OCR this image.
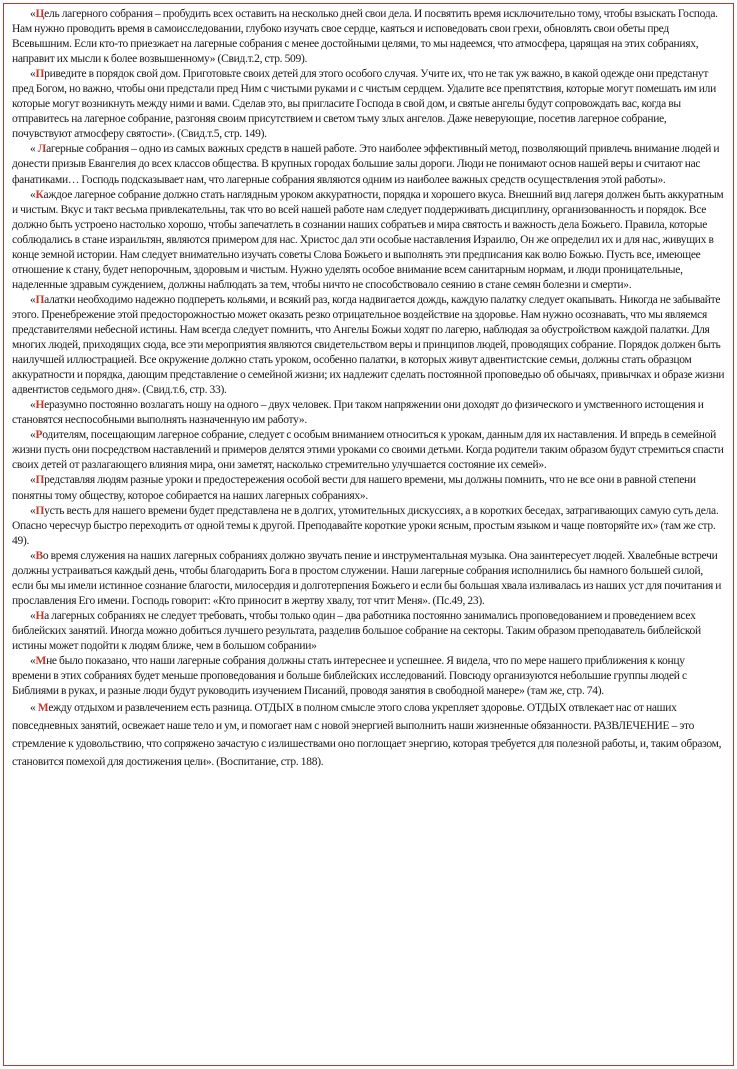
«Цель лагерного собрания – пробудить всех оставить на несколько дней свои дела. И посвятить время исключительно тому, чтобы взыскать Господа. Нам нужно проводить время в самоисследовании, глубоко изучать свое сердце, каяться и исповедовать свои грехи, обновлять свои обеты пред Всевышним. Если кто-то приезжает на лагерные собрания с менее достойными целями, то мы надеемся, что атмосфера, царящая на этих собраниях, направит их мысли к более возвышенному» (Свид.т.2, стр. 509).

«Приведите в порядок свой дом. Приготовьте своих детей для этого особого случая. Учите их, что не так уж важно, в какой одежде они предстанут пред Богом, но важно, чтобы они предстали пред Ним с чистыми руками и с чистым сердцем. Удалите все препятствия, которые могут помешать им или которые могут возникнуть между ними и вами. Сделав это, вы пригласите Господа в свой дом, и святые ангелы будут сопровождать вас, когда вы отправитесь на лагерное собрание, разгоняя своим присутствием и светом тьму злых ангелов. Даже неверующие, посетив лагерное собрание, почувствуют атмосферу святости». (Свид.т.5, стр. 149).

« Лагерные собрания – одно из самых важных средств в нашей работе. Это наиболее эффективный метод, позволяющий привлечь внимание людей и донести призыв Евангелия до всех классов общества. В крупных городах большие залы дороги. Люди не понимают основ нашей веры и считают нас фанатиками… Господь подсказывает нам, что лагерные собрания являются одним из наиболее важных средств осуществления этой работы».

«Каждое лагерное собрание должно стать наглядным уроком аккуратности, порядка и хорошего вкуса. Внешний вид лагеря должен быть аккуратным и чистым. Вкус и такт весьма привлекательны, так что во всей нашей работе нам следует поддерживать дисциплину, организованность и порядок. Все должно быть устроено настолько хорошо, чтобы запечатлеть в сознании наших собратьев и мира святость и важность дела Божьего. Правила, которые соблюдались в стане израильтян, являются примером для нас. Христос дал эти особые наставления Израилю, Он же определил их и для нас, живущих в конце земной истории. Нам следует внимательно изучать советы Слова Божьего и выполнять эти предписания как волю Божью. Пусть все, имеющее отношение к стану, будет непорочным, здоровым и чистым. Нужно уделять особое внимание всем санитарным нормам, и люди проницательные, наделенные здравым суждением, должны наблюдать за тем, чтобы ничто не способствовало сеянию в стане семян болезни и смерти».

«Палатки необходимо надежно подпереть кольями, и всякий раз, когда надвигается дождь, каждую палатку следует окапывать. Никогда не забывайте этого. Пренебрежение этой предосторожностью может оказать резко отрицательное воздействие на здоровье. Нам нужно осознавать, что мы являемся представителями небесной истины. Нам всегда следует помнить, что Ангелы Божьи ходят по лагерю, наблюдая за обустройством каждой палатки. Для многих людей, приходящих сюда, все эти мероприятия являются свидетельством веры и принципов людей, проводящих собрание. Порядок должен быть наилучшей иллюстрацией. Все окружение должно стать уроком, особенно палатки, в которых живут адвентистские семьи, должны стать образцом аккуратности и порядка, дающим представление о семейной жизни; их надлежит сделать постоянной проповедью об обычаях, привычках и образе жизни адвентистов седьмого дня». (Свид.т.6, стр. 33).

«Неразумно постоянно возлагать ношу на одного – двух человек. При таком напряжении они доходят до физического и умственного истощения и становятся неспособными выполнять назначенную им работу».

«Родителям, посещающим лагерное собрание, следует с особым вниманием относиться к урокам, данным для их наставления. И впредь в семейной жизни пусть они посредством наставлений и примеров делятся этими уроками со своими детьми. Когда родители таким образом будут стремиться спасти своих детей от разлагающего влияния мира, они заметят, насколько стремительно улучшается состояние их семей».

«Представляя людям разные уроки и предостережения особой вести для нашего времени, мы должны помнить, что не все они в равной степени понятны тому обществу, которое собирается на наших лагерных собраниях».

«Пусть весть для нашего времени будет представлена не в долгих, утомительных дискуссиях, а в коротких беседах, затрагивающих самую суть дела. Опасно чересчур быстро переходить от одной темы к другой. Преподавайте короткие уроки ясным, простым языком и чаще повторяйте их» (там же стр. 49).

«Во время служения на наших лагерных собраниях должно звучать пение и инструментальная музыка. Она заинтересует людей. Хвалебные встречи должны устраиваться каждый день, чтобы благодарить Бога в простом служении. Наши лагерные собрания исполнились бы намного большей силой, если бы мы имели истинное сознание благости, милосердия и долготерпения Божьего и если бы большая хвала изливалась из наших уст для почитания и прославления Его имени. Господь говорит: «Кто приносит в жертву хвалу, тот чтит Меня». (Пс.49, 23).

«На лагерных собраниях не следует требовать, чтобы только один – два работника постоянно занимались проповедованием и проведением всех библейских занятий. Иногда можно добиться лучшего результата, разделив большое собрание на секторы. Таким образом преподаватель библейской истины может подойти к людям ближе, чем в большом собрании»

«Мне было показано, что наши лагерные собрания должны стать интереснее и успешнее. Я видела, что по мере нашего приближения к концу времени в этих собраниях будет меньше проповедования и больше библейских исследований. Повсюду организуются небольшие группы людей с Библиями в руках, и разные люди будут руководить изучением Писаний, проводя занятия в свободной манере» (там же, стр. 74).

« Между отдыхом и развлечением есть разница. ОТДЫХ в полном смысле этого слова укрепляет здоровье. ОТДЫХ отвлекает нас от наших повседневных занятий, освежает наше тело и ум, и помогает нам с новой энергией выполнить наши жизненные обязанности. РАЗВЛЕЧЕНИЕ – это стремление к удовольствию, что сопряжено зачастую с излишествами оно поглощает энергию, которая требуется для полезной работы, и, таким образом, становится помехой для достижения цели». (Воспитание, стр. 188).
